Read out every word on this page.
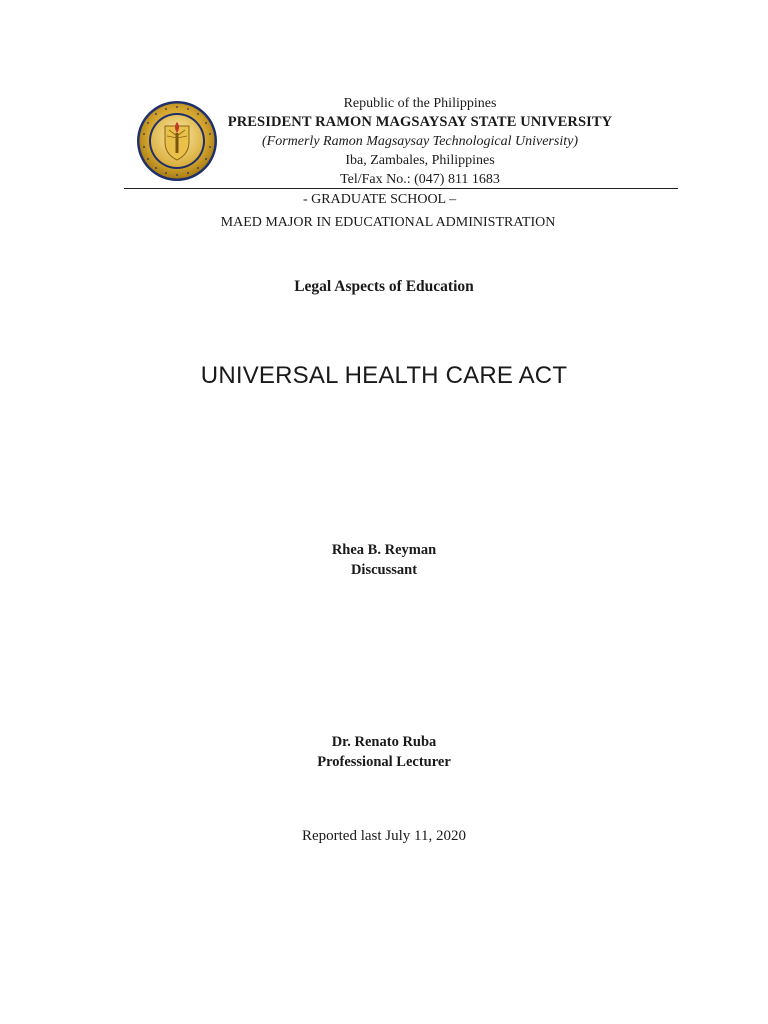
Republic of the Philippines
PRESIDENT RAMON MAGSAYSAY STATE UNIVERSITY
(Formerly Ramon Magsaysay Technological University)
Iba, Zambales, Philippines
Tel/Fax No.: (047) 811 1683
- GRADUATE SCHOOL –
MAED MAJOR IN EDUCATIONAL ADMINISTRATION
Legal Aspects of Education
UNIVERSAL HEALTH CARE ACT
Rhea B. Reyman
Discussant
Dr. Renato Ruba
Professional Lecturer
Reported last July 11, 2020
